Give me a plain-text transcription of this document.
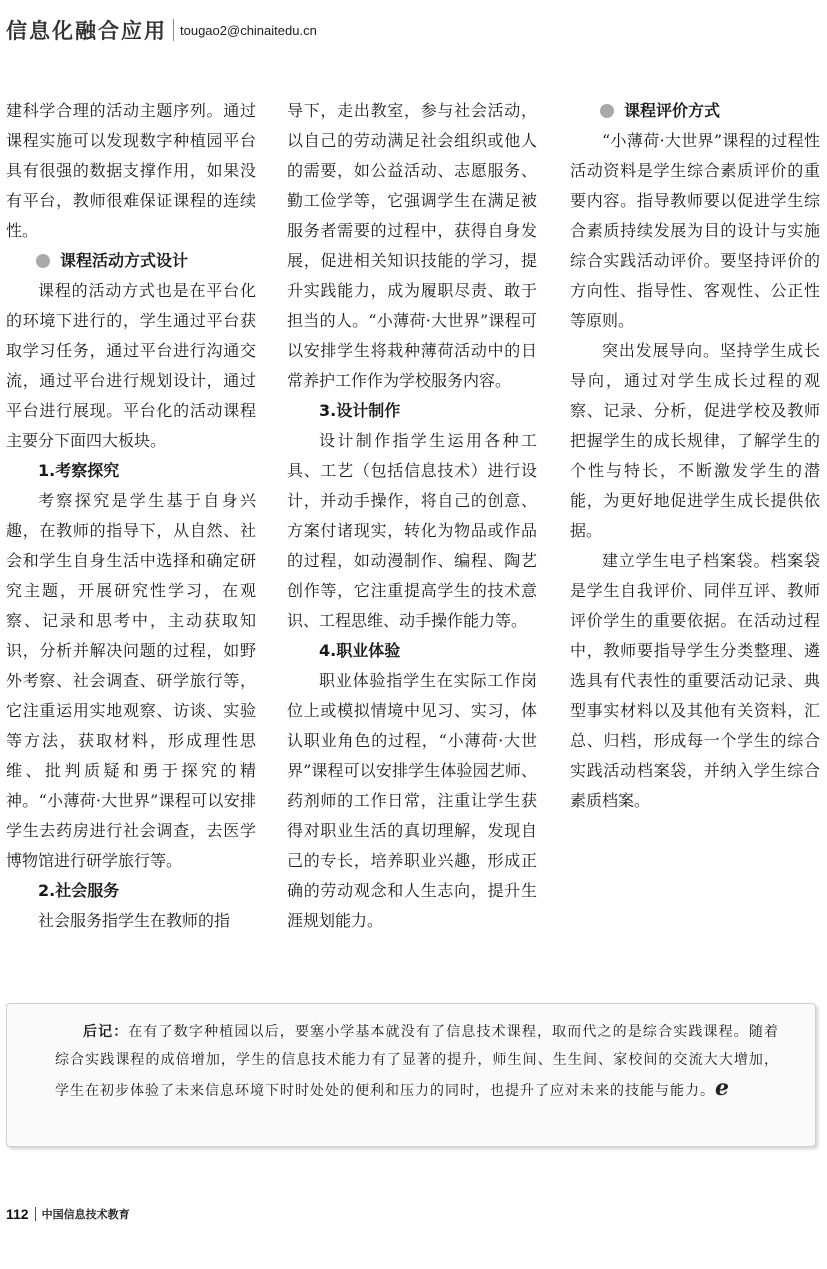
信息化融合应用 tougao2@chinaitedu.cn

建科学合理的活动主题序列。通过课程实施可以发现数字种植园平台具有很强的数据支撑作用，如果没有平台，教师很难保证课程的连续性。

课程活动方式设计

课程的活动方式也是在平台化的环境下进行的，学生通过平台获取学习任务，通过平台进行沟通交流，通过平台进行规划设计，通过平台进行展现。平台化的活动课程主要分下面四大板块。

1.考察探究

考察探究是学生基于自身兴趣，在教师的指导下，从自然、社会和学生自身生活中选择和确定研究主题，开展研究性学习，在观察、记录和思考中，主动获取知识，分析并解决问题的过程，如野外考察、社会调查、研学旅行等，它注重运用实地观察、访谈、实验等方法，获取材料，形成理性思维、批判质疑和勇于探究的精神。“小薄荷·大世界”课程可以安排学生去药房进行社会调查，去医学博物馆进行研学旅行等。

2.社会服务

社会服务指学生在教师的指

导下，走出教室，参与社会活动，以自己的劳动满足社会组织或他人的需要，如公益活动、志愿服务、勤工俭学等，它强调学生在满足被服务者需要的过程中，获得自身发展，促进相关知识技能的学习，提升实践能力，成为履职尽责、敢于担当的人。“小薄荷·大世界”课程可以安排学生将栽种薄荷活动中的日常养护工作作为学校服务内容。

3.设计制作

设计制作指学生运用各种工具、工艺（包括信息技术）进行设计，并动手操作，将自己的创意、方案付诸现实，转化为物品或作品的过程，如动漫制作、编程、陶艺创作等，它注重提高学生的技术意识、工程思维、动手操作能力等。

4.职业体验

职业体验指学生在实际工作岗位上或模拟情境中见习、实习，体认职业角色的过程，“小薄荷·大世界”课程可以安排学生体验园艺师、药剂师的工作日常，注重让学生获得对职业生活的真切理解，发现自己的专长，培养职业兴趣，形成正确的劳动观念和人生志向，提升生涯规划能力。

课程评价方式

“小薄荷·大世界”课程的过程性活动资料是学生综合素质评价的重要内容。指导教师要以促进学生综合素质持续发展为目的设计与实施综合实践活动评价。要坚持评价的方向性、指导性、客观性、公正性等原则。

突出发展导向。坚持学生成长导向，通过对学生成长过程的观察、记录、分析，促进学校及教师把握学生的成长规律，了解学生的个性与特长，不断激发学生的潜能，为更好地促进学生成长提供依据。

建立学生电子档案袋。档案袋是学生自我评价、同伴互评、教师评价学生的重要依据。在活动过程中，教师要指导学生分类整理、遴选具有代表性的重要活动记录、典型事实材料以及其他有关资料，汇总、归档，形成每一个学生的综合实践活动档案袋，并纳入学生综合素质档案。

后记：在有了数字种植园以后，要塞小学基本就没有了信息技术课程，取而代之的是综合实践课程。随着综合实践课程的成倍增加，学生的信息技术能力有了显著的提升，师生间、生生间、家校间的交流大大增加，学生在初步体验了未来信息环境下时时处处的便利和压力的同时，也提升了应对未来的技能与能力。e
112 中国信息技术教育
